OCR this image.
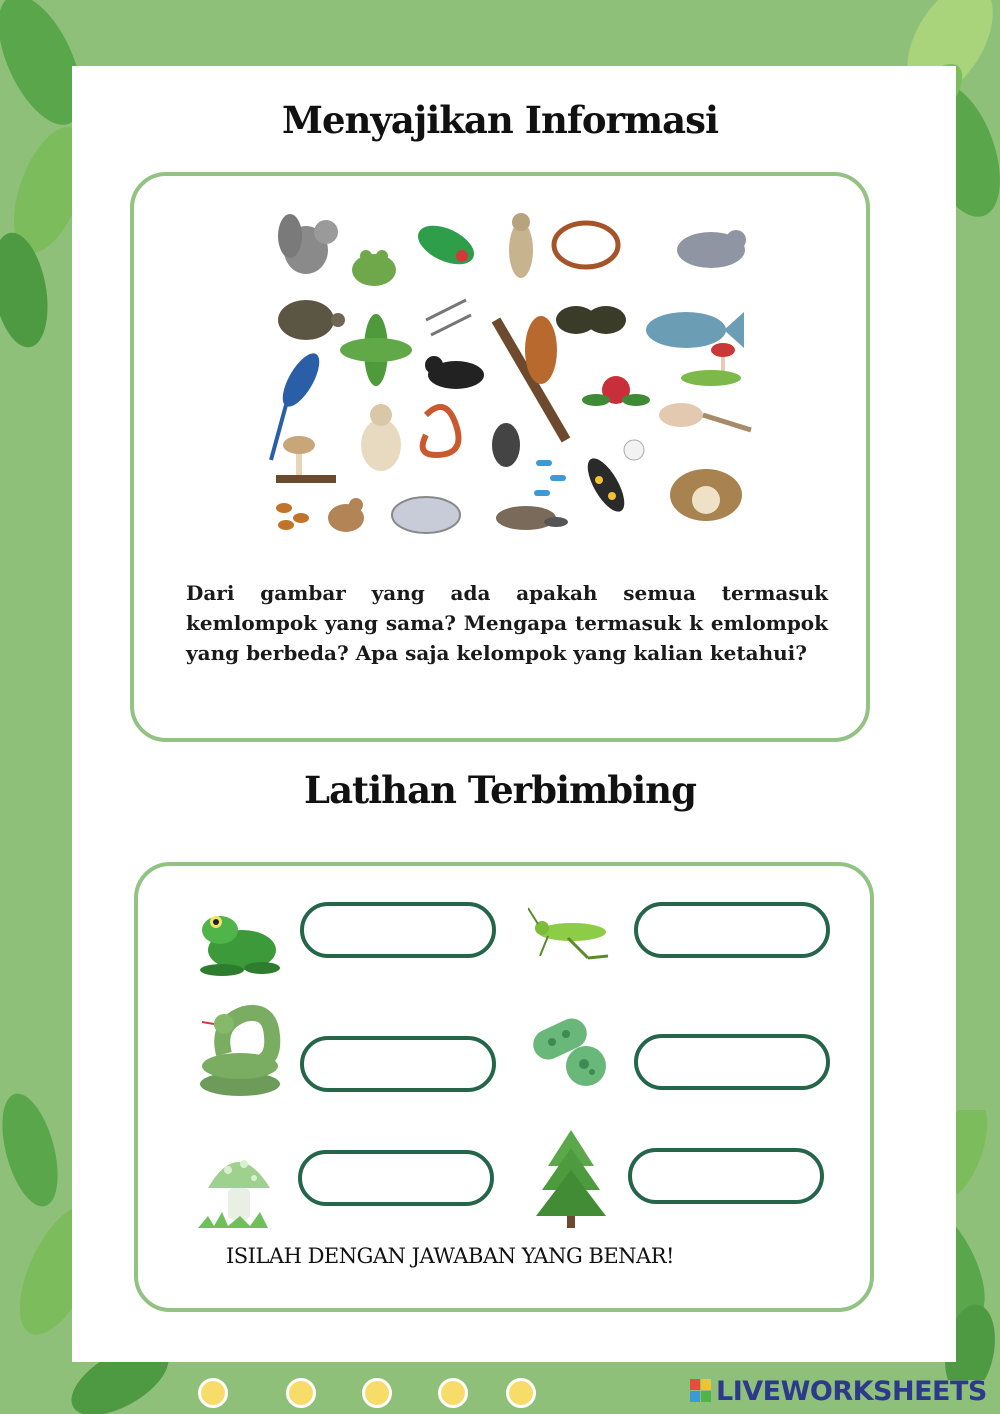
Menyajikan Informasi
Dari gambar yang ada apakah semua termasuk kemlompok yang sama? Mengapa termasuk k emlompok yang berbeda? Apa saja kelompok yang kalian ketahui?
Latihan Terbimbing
ISILAH DENGAN JAWABAN YANG BENAR!
LIVEWORKSHEETS
